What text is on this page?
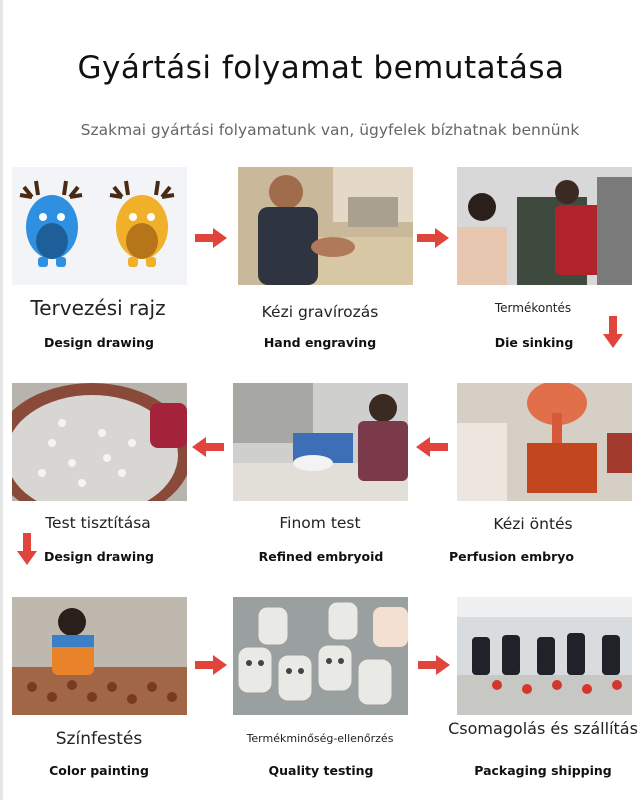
Gyártási folyamat bemutatása
Szakmai gyártási folyamatunk van, ügyfelek bízhatnak bennünk
Tervezési rajz
Design drawing
Kézi gravírozás
Hand engraving
Termékontés
Die sinking
Test tisztítása
Design drawing
Finom test
Refined embryoid
Kézi öntés
Perfusion embryo
Színfestés
Color painting
Termékminőség-ellenőrzés
Quality testing
Csomagolás és szállítás
Packaging shipping
